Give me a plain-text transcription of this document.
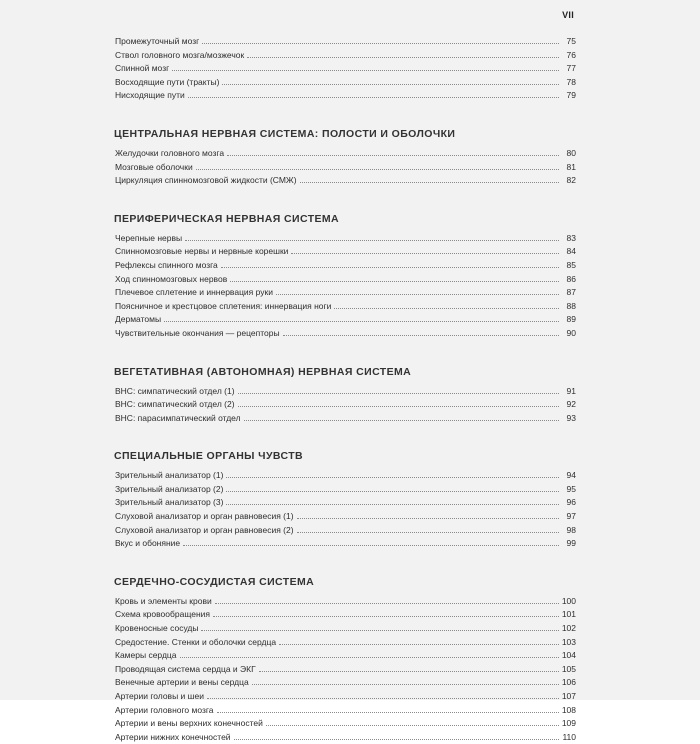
VII
Промежуточный мозг	75
Ствол головного мозга/мозжечок	76
Спинной мозг	77
Восходящие пути (тракты)	78
Нисходящие пути	79
ЦЕНТРАЛЬНАЯ НЕРВНАЯ СИСТЕМА: ПОЛОСТИ И ОБОЛОЧКИ
Желудочки головного мозга	80
Мозговые оболочки	81
Циркуляция спинномозговой жидкости (СМЖ)	82
ПЕРИФЕРИЧЕСКАЯ НЕРВНАЯ СИСТЕМА
Черепные нервы	83
Спинномозговые нервы и нервные корешки	84
Рефлексы спинного мозга	85
Ход спинномозговых нервов	86
Плечевое сплетение и иннервация руки	87
Поясничное и крестцовое сплетения: иннервация ноги	88
Дерматомы	89
Чувствительные окончания — рецепторы	90
ВЕГЕТАТИВНАЯ (АВТОНОМНАЯ) НЕРВНАЯ СИСТЕМА
ВНС: симпатический отдел (1)	91
ВНС: симпатический отдел (2)	92
ВНС: парасимпатический отдел	93
СПЕЦИАЛЬНЫЕ ОРГАНЫ ЧУВСТВ
Зрительный анализатор (1)	94
Зрительный анализатор (2)	95
Зрительный анализатор (3)	96
Слуховой анализатор и орган равновесия (1)	97
Слуховой анализатор и орган равновесия (2)	98
Вкус и обоняние	99
СЕРДЕЧНО-СОСУДИСТАЯ СИСТЕМА
Кровь и элементы крови	100
Схема кровообращения	101
Кровеносные сосуды	102
Средостение. Стенки и оболочки сердца	103
Камеры сердца	104
Проводящая система сердца и ЭКГ	105
Венечные артерии и вены сердца	106
Артерии головы и шеи	107
Артерии головного мозга	108
Артерии и вены верхних конечностей	109
Артерии нижних конечностей	110
